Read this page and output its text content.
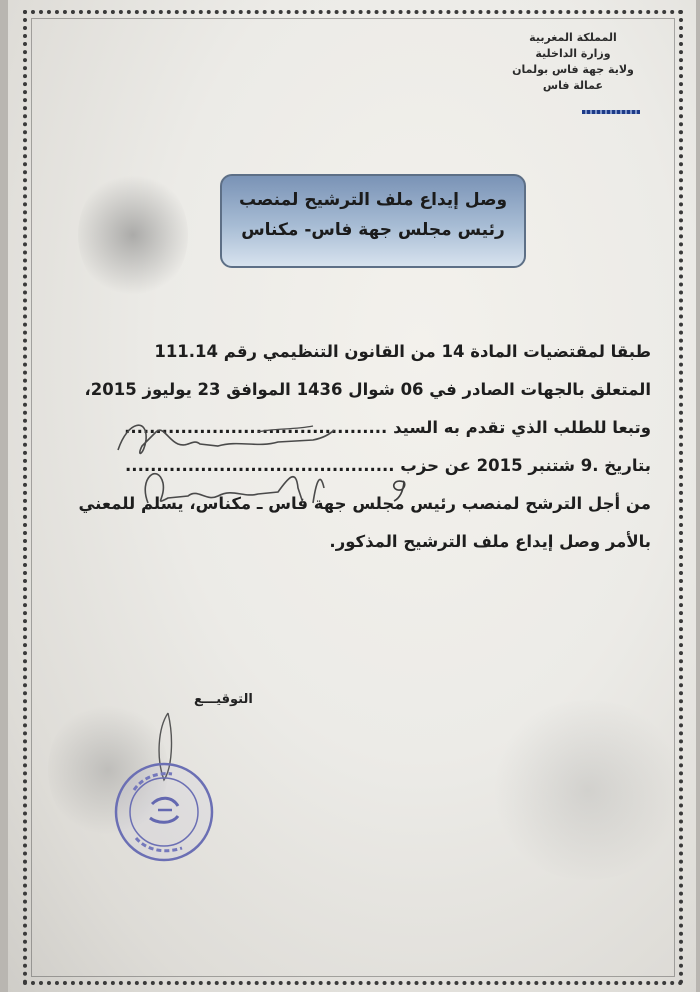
المملكة المغربية
وزارة الداخلية
ولاية جهة فاس بولمان
عمالة فاس
وصل إيداع ملف الترشيح لمنصب
رئيس مجلس جهة فاس- مكناس
طبقا لمقتضيات المادة 14 من القانون التنظيمي رقم 111.14
المتعلق بالجهات الصادر في 06 شوال 1436 الموافق 23 يوليوز 2015،
وتبعا للطلب الذي تقدم به السيد ..........................................
بتاريخ .9 شتنبر 2015 عن حزب ...........................................
من أجل الترشح لمنصب رئيس مجلس جهة فاس ـ مكناس، يسلم للمعني
بالأمر وصل إيداع ملف الترشيح المذكور.
التوقيـــع
